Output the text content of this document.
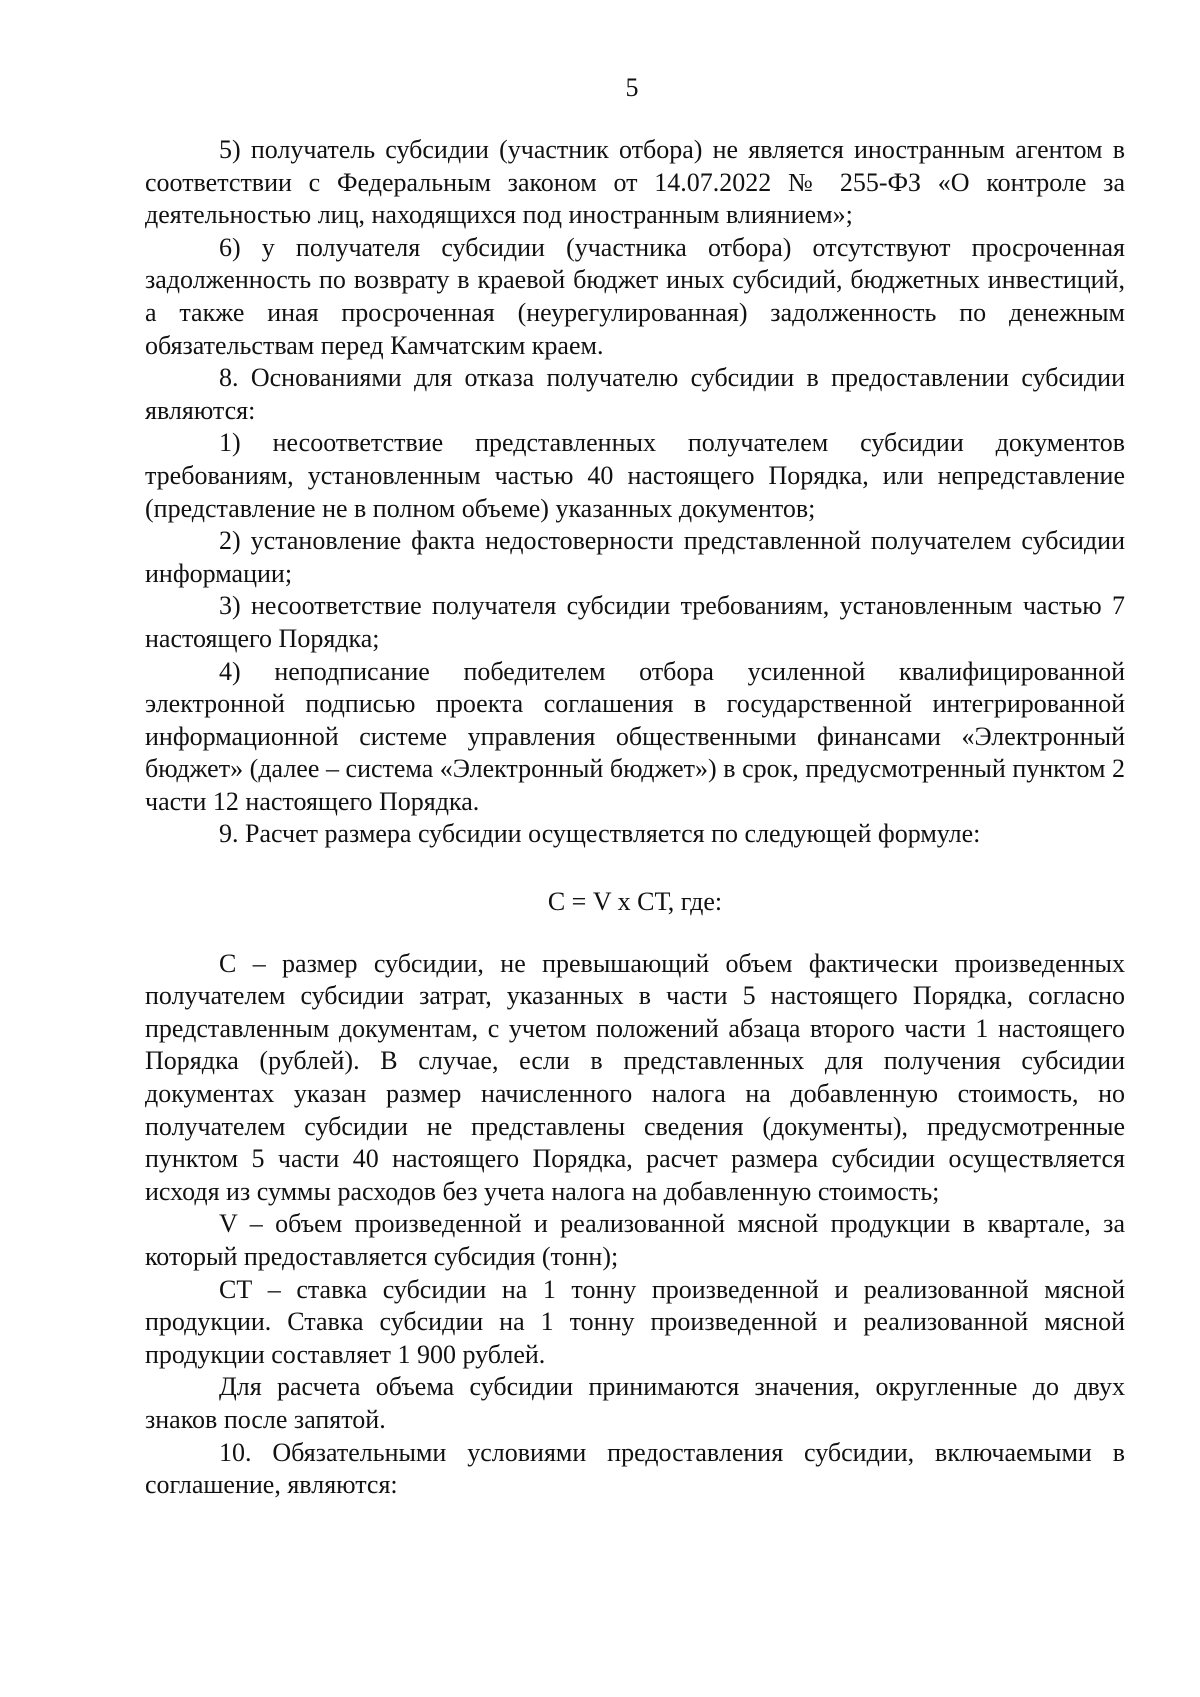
5

5) получатель субсидии (участник отбора) не является иностранным агентом в соответствии с Федеральным законом от 14.07.2022 № 255-ФЗ «О контроле за деятельностью лиц, находящихся под иностранным влиянием»;

6) у получателя субсидии (участника отбора) отсутствуют просроченная задолженность по возврату в краевой бюджет иных субсидий, бюджетных инвестиций, а также иная просроченная (неурегулированная) задолженность по денежным обязательствам перед Камчатским краем.

8. Основаниями для отказа получателю субсидии в предоставлении субсидии являются:

1) несоответствие представленных получателем субсидии документов требованиям, установленным частью 40 настоящего Порядка, или непредставление (представление не в полном объеме) указанных документов;

2) установление факта недостоверности представленной получателем субсидии информации;

3) несоответствие получателя субсидии требованиям, установленным частью 7 настоящего Порядка;

4) неподписание победителем отбора усиленной квалифицированной электронной подписью проекта соглашения в государственной интегрированной информационной системе управления общественными финансами «Электронный бюджет» (далее – система «Электронный бюджет») в срок, предусмотренный пунктом 2 части 12 настоящего Порядка.

9. Расчет размера субсидии осуществляется по следующей формуле:

С = V х СТ, где:

С – размер субсидии, не превышающий объем фактически произведенных получателем субсидии затрат, указанных в части 5 настоящего Порядка, согласно представленным документам, с учетом положений абзаца второго части 1 настоящего Порядка (рублей). В случае, если в представленных для получения субсидии документах указан размер начисленного налога на добавленную стоимость, но получателем субсидии не представлены сведения (документы), предусмотренные пунктом 5 части 40 настоящего Порядка, расчет размера субсидии осуществляется исходя из суммы расходов без учета налога на добавленную стоимость;

V – объем произведенной и реализованной мясной продукции в квартале, за который предоставляется субсидия (тонн);

СТ – ставка субсидии на 1 тонну произведенной и реализованной мясной продукции. Ставка субсидии на 1 тонну произведенной и реализованной мясной продукции составляет 1 900 рублей.

Для расчета объема субсидии принимаются значения, округленные до двух знаков после запятой.

10. Обязательными условиями предоставления субсидии, включаемыми в соглашение, являются:
